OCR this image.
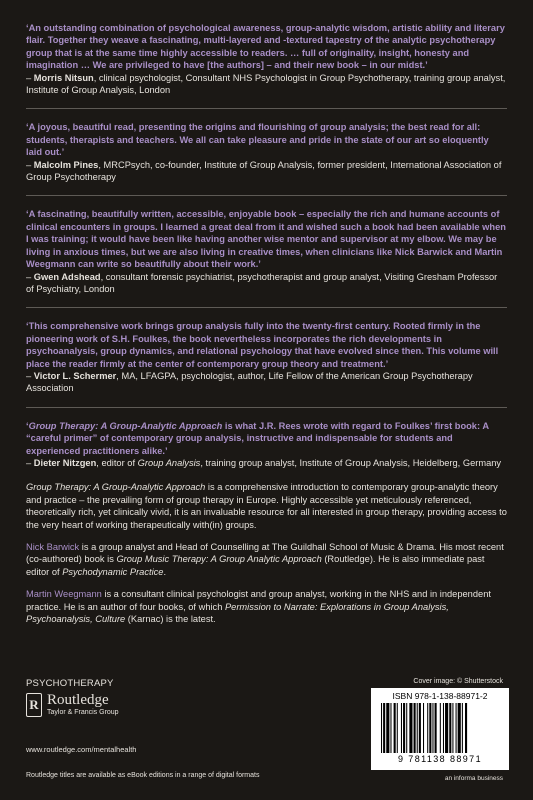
‘An outstanding combination of psychological awareness, group-analytic wisdom, artistic ability and literary flair. Together they weave a fascinating, multi-layered and -textured tapestry of the analytic psychotherapy group that is at the same time highly accessible to readers. … full of originality, insight, honesty and imagination … We are privileged to have [the authors] – and their new book – in our midst.’

– Morris Nitsun, clinical psychologist, Consultant NHS Psychologist in Group Psychotherapy, training group analyst, Institute of Group Analysis, London

‘A joyous, beautiful read, presenting the origins and flourishing of group analysis; the best read for all: students, therapists and teachers. We all can take pleasure and pride in the state of our art so eloquently laid out.’

– Malcolm Pines, MRCPsych, co-founder, Institute of Group Analysis, former president, International Association of Group Psychotherapy

‘A fascinating, beautifully written, accessible, enjoyable book – especially the rich and humane accounts of clinical encounters in groups. I learned a great deal from it and wished such a book had been available when I was training; it would have been like having another wise mentor and supervisor at my elbow. We may be living in anxious times, but we are also living in creative times, when clinicians like Nick Barwick and Martin Weegmann can write so beautifully about their work.’

– Gwen Adshead, consultant forensic psychiatrist, psychotherapist and group analyst, Visiting Gresham Professor of Psychiatry, London

‘This comprehensive work brings group analysis fully into the twenty-first century. Rooted firmly in the pioneering work of S.H. Foulkes, the book nevertheless incorporates the rich developments in psychoanalysis, group dynamics, and relational psychology that have evolved since then. This volume will place the reader firmly at the center of contemporary group theory and treatment.’

– Victor L. Schermer, MA, LFAGPA, psychologist, author, Life Fellow of the American Group Psychotherapy Association

‘Group Therapy: A Group-Analytic Approach is what J.R. Rees wrote with regard to Foulkes’ first book: A “careful primer” of contemporary group analysis, instructive and indispensable for students and experienced practitioners alike.’

– Dieter Nitzgen, editor of Group Analysis, training group analyst, Institute of Group Analysis, Heidelberg, Germany

Group Therapy: A Group-Analytic Approach is a comprehensive introduction to contemporary group-analytic theory and practice – the prevailing form of group therapy in Europe. Highly accessible yet meticulously referenced, theoretically rich, yet clinically vivid, it is an invaluable resource for all interested in group therapy, providing access to the very heart of working therapeutically with(in) groups.

Nick Barwick is a group analyst and Head of Counselling at The Guildhall School of Music & Drama. His most recent (co-authored) book is Group Music Therapy: A Group Analytic Approach (Routledge). He is also immediate past editor of Psychodynamic Practice.

Martin Weegmann is a consultant clinical psychologist and group analyst, working in the NHS and in independent practice. He is an author of four books, of which Permission to Narrate: Explorations in Group Analysis, Psychoanalysis, Culture (Karnac) is the latest.

PSYCHOTHERAPY
R Routledge
Taylor & Francis Group
www.routledge.com/mentalhealth
Routledge titles are available as eBook editions in a range of digital formats
Cover image: © Shutterstock
ISBN 978-1-138-88971-2
9 781138 88971
an informa business
